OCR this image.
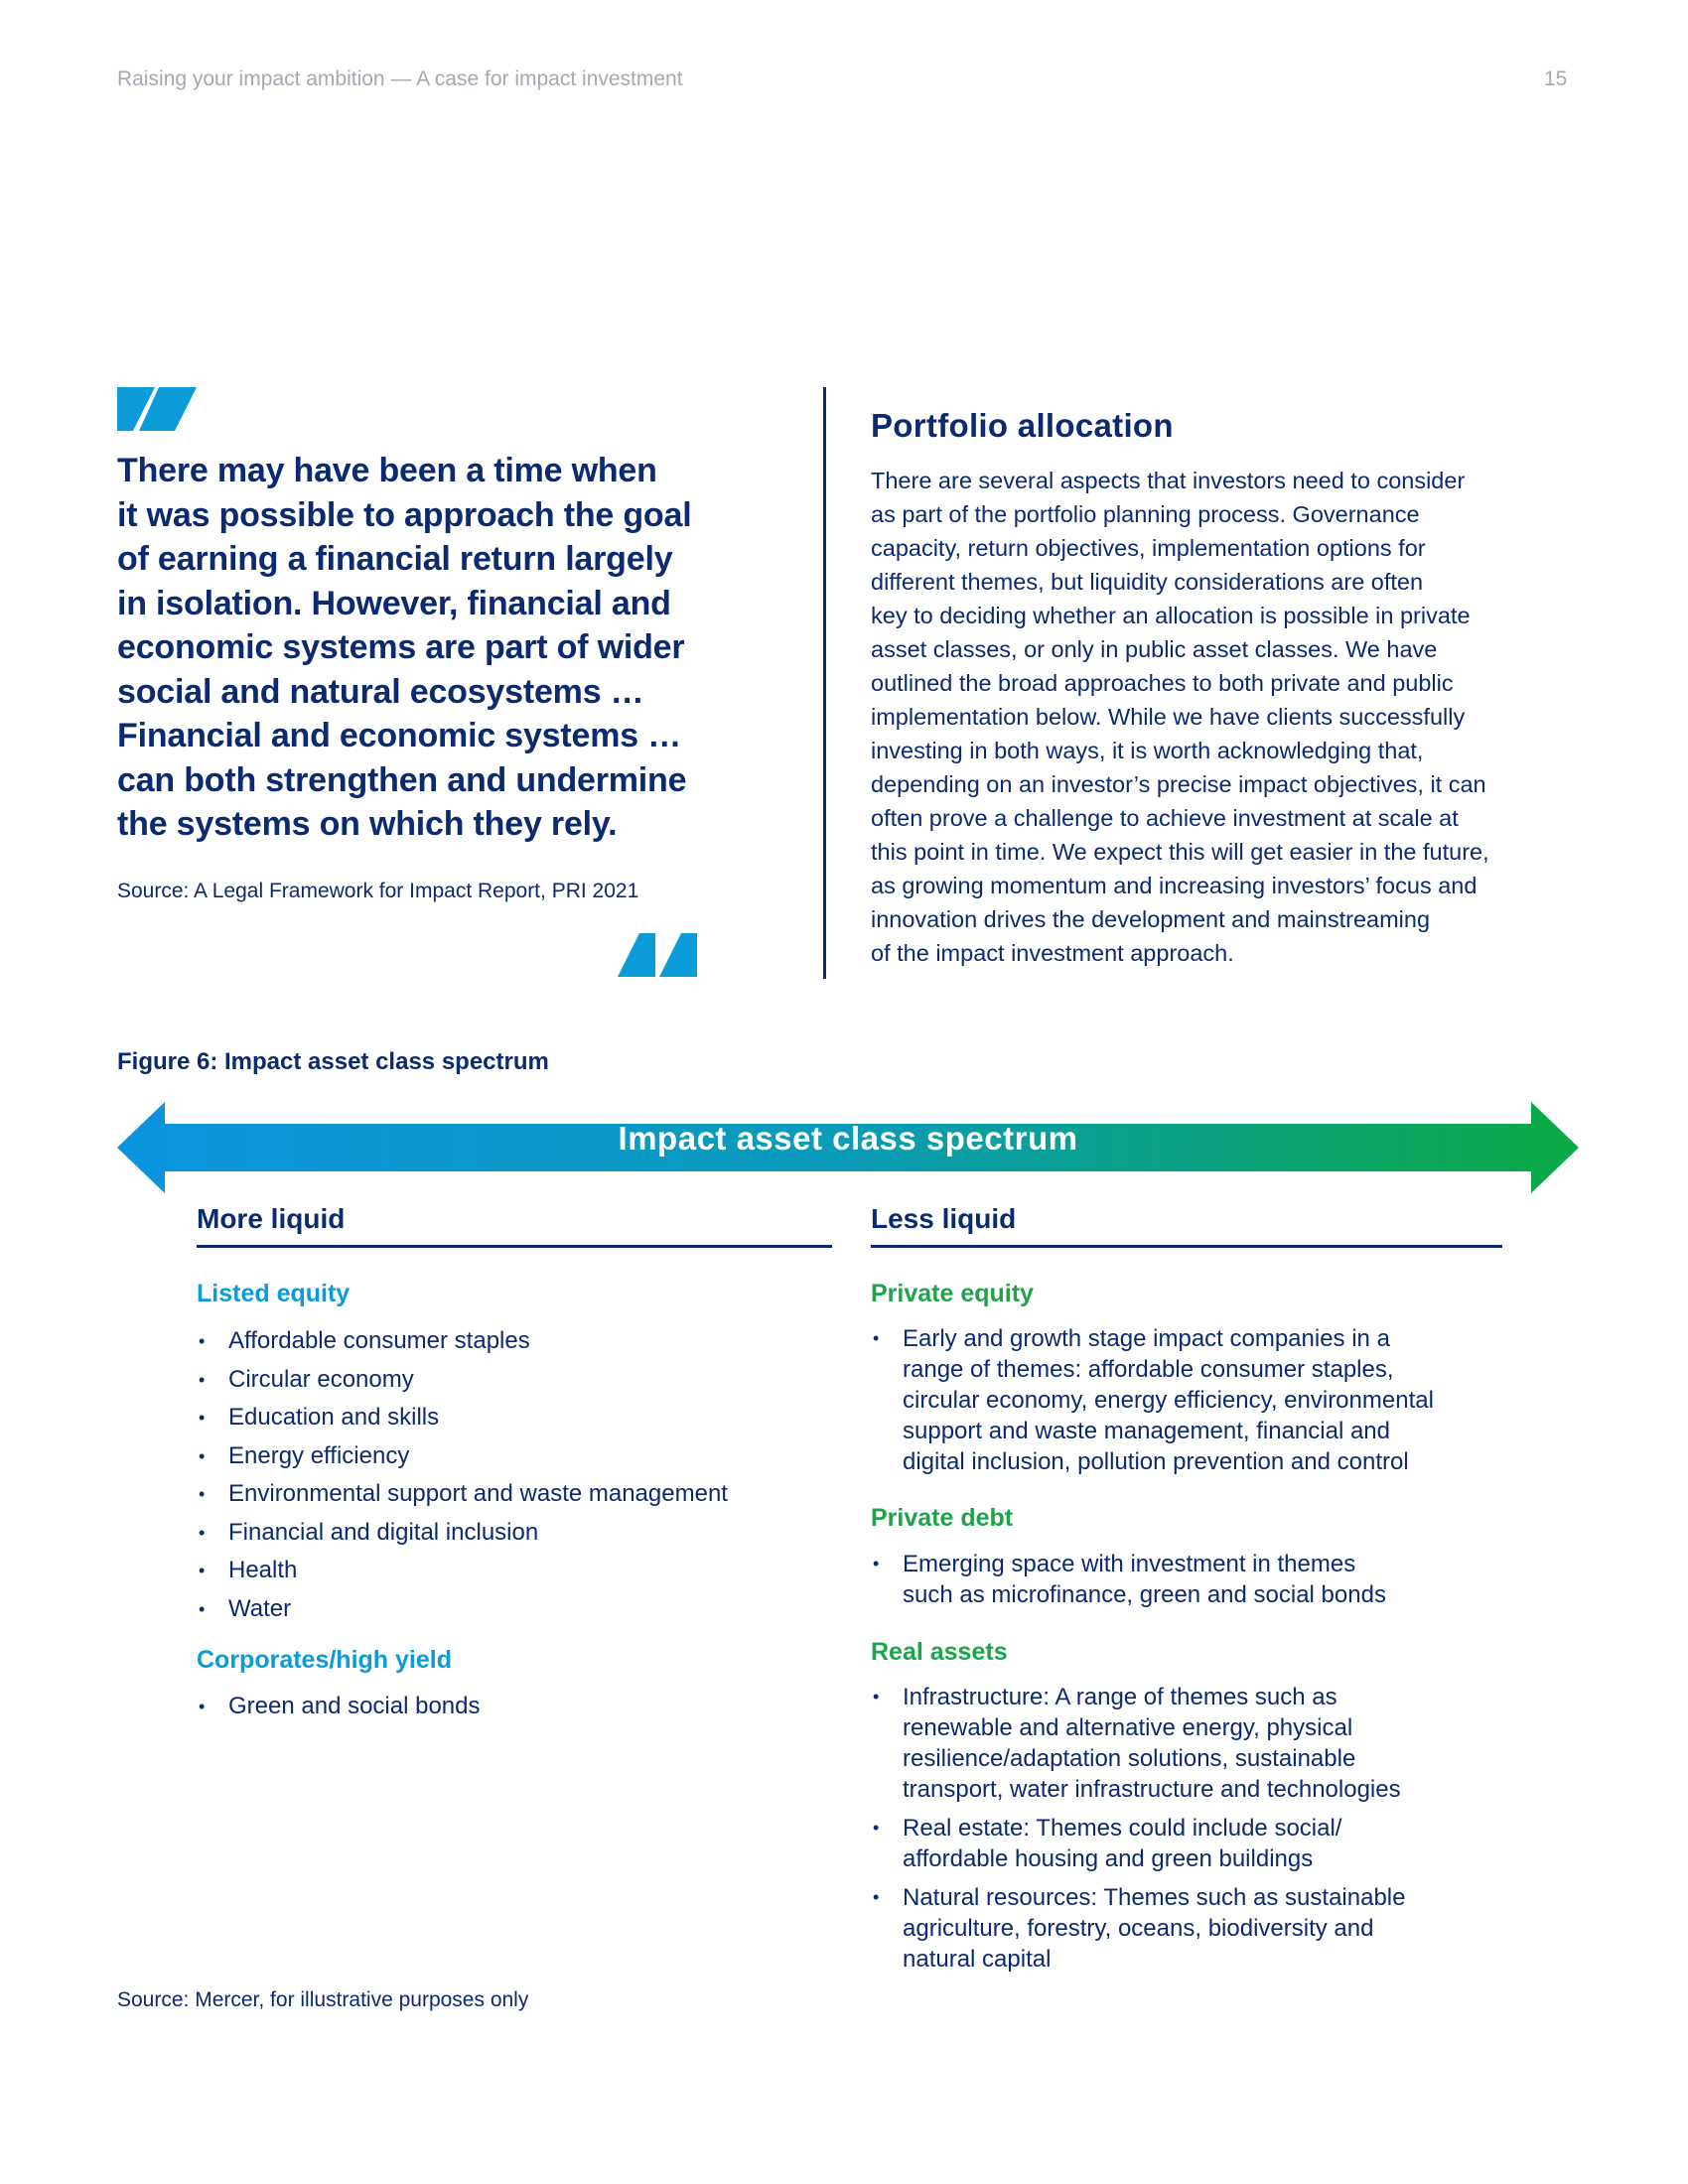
Raising your impact ambition — A case for impact investment	15
There may have been a time when
it was possible to approach the goal
of earning a financial return largely
in isolation. However, financial and
economic systems are part of wider
social and natural ecosystems …
Financial and economic systems …
can both strengthen and undermine
the systems on which they rely.
Source: A Legal Framework for Impact Report, PRI 2021
Portfolio allocation
There are several aspects that investors need to consider
as part of the portfolio planning process. Governance
capacity, return objectives, implementation options for
different themes, but liquidity considerations are often
key to deciding whether an allocation is possible in private
asset classes, or only in public asset classes. We have
outlined the broad approaches to both private and public
implementation below. While we have clients successfully
investing in both ways, it is worth acknowledging that,
depending on an investor’s precise impact objectives, it can
often prove a challenge to achieve investment at scale at
this point in time. We expect this will get easier in the future,
as growing momentum and increasing investors’ focus and
innovation drives the development and mainstreaming
of the impact investment approach.
Figure 6: Impact asset class spectrum
Impact asset class spectrum
More liquid
Listed equity
• Affordable consumer staples
• Circular economy
• Education and skills
• Energy efficiency
• Environmental support and waste management
• Financial and digital inclusion
• Health
• Water
Corporates/high yield
• Green and social bonds
Less liquid
Private equity
• Early and growth stage impact companies in a
range of themes: affordable consumer staples,
circular economy, energy efficiency, environmental
support and waste management, financial and
digital inclusion, pollution prevention and control
Private debt
• Emerging space with investment in themes
such as microfinance, green and social bonds
Real assets
• Infrastructure: A range of themes such as
renewable and alternative energy, physical
resilience/adaptation solutions, sustainable
transport, water infrastructure and technologies
• Real estate: Themes could include social/
affordable housing and green buildings
• Natural resources: Themes such as sustainable
agriculture, forestry, oceans, biodiversity and
natural capital
Source: Mercer, for illustrative purposes only
